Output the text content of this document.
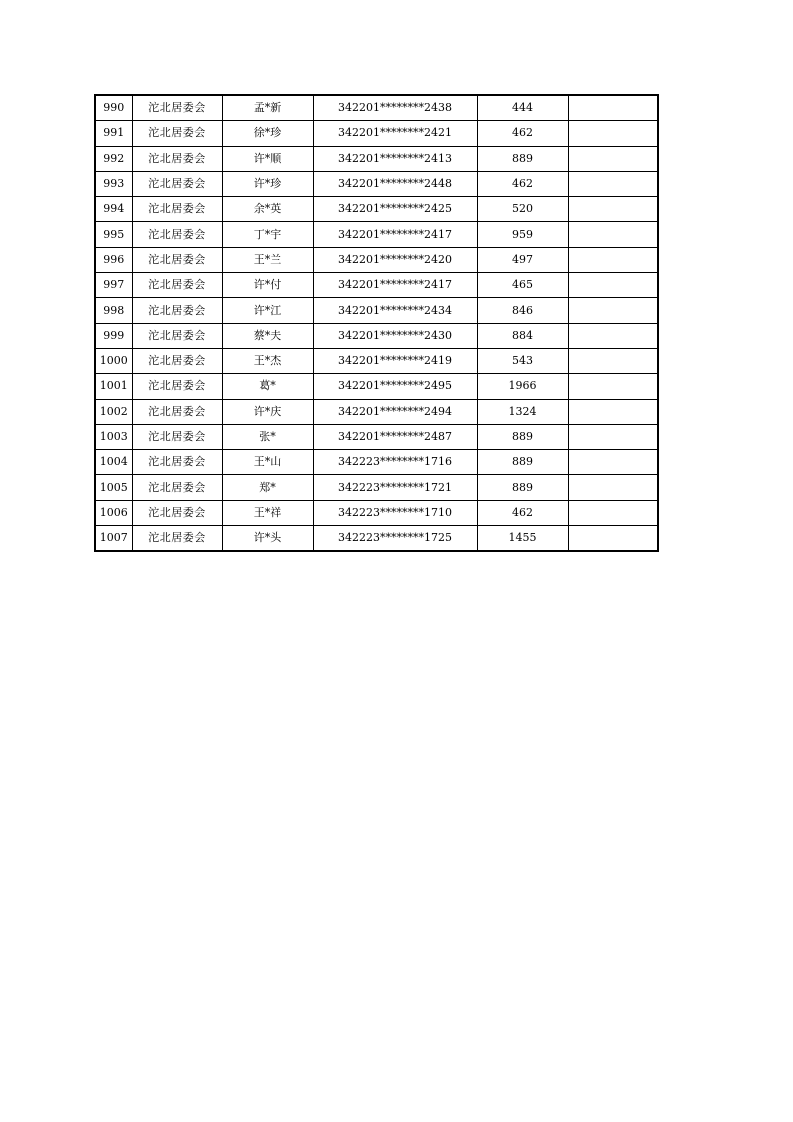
990	沱北居委会	孟*新	342201********2438	444	
991	沱北居委会	徐*珍	342201********2421	462	
992	沱北居委会	许*顺	342201********2413	889	
993	沱北居委会	许*珍	342201********2448	462	
994	沱北居委会	余*英	342201********2425	520	
995	沱北居委会	丁*宇	342201********2417	959	
996	沱北居委会	王*兰	342201********2420	497	
997	沱北居委会	许*付	342201********2417	465	
998	沱北居委会	许*江	342201********2434	846	
999	沱北居委会	蔡*夫	342201********2430	884	
1000	沱北居委会	王*杰	342201********2419	543	
1001	沱北居委会	葛*	342201********2495	1966	
1002	沱北居委会	许*庆	342201********2494	1324	
1003	沱北居委会	张*	342201********2487	889	
1004	沱北居委会	王*山	342223********1716	889	
1005	沱北居委会	郑*	342223********1721	889	
1006	沱北居委会	王*祥	342223********1710	462	
1007	沱北居委会	许*头	342223********1725	1455	
